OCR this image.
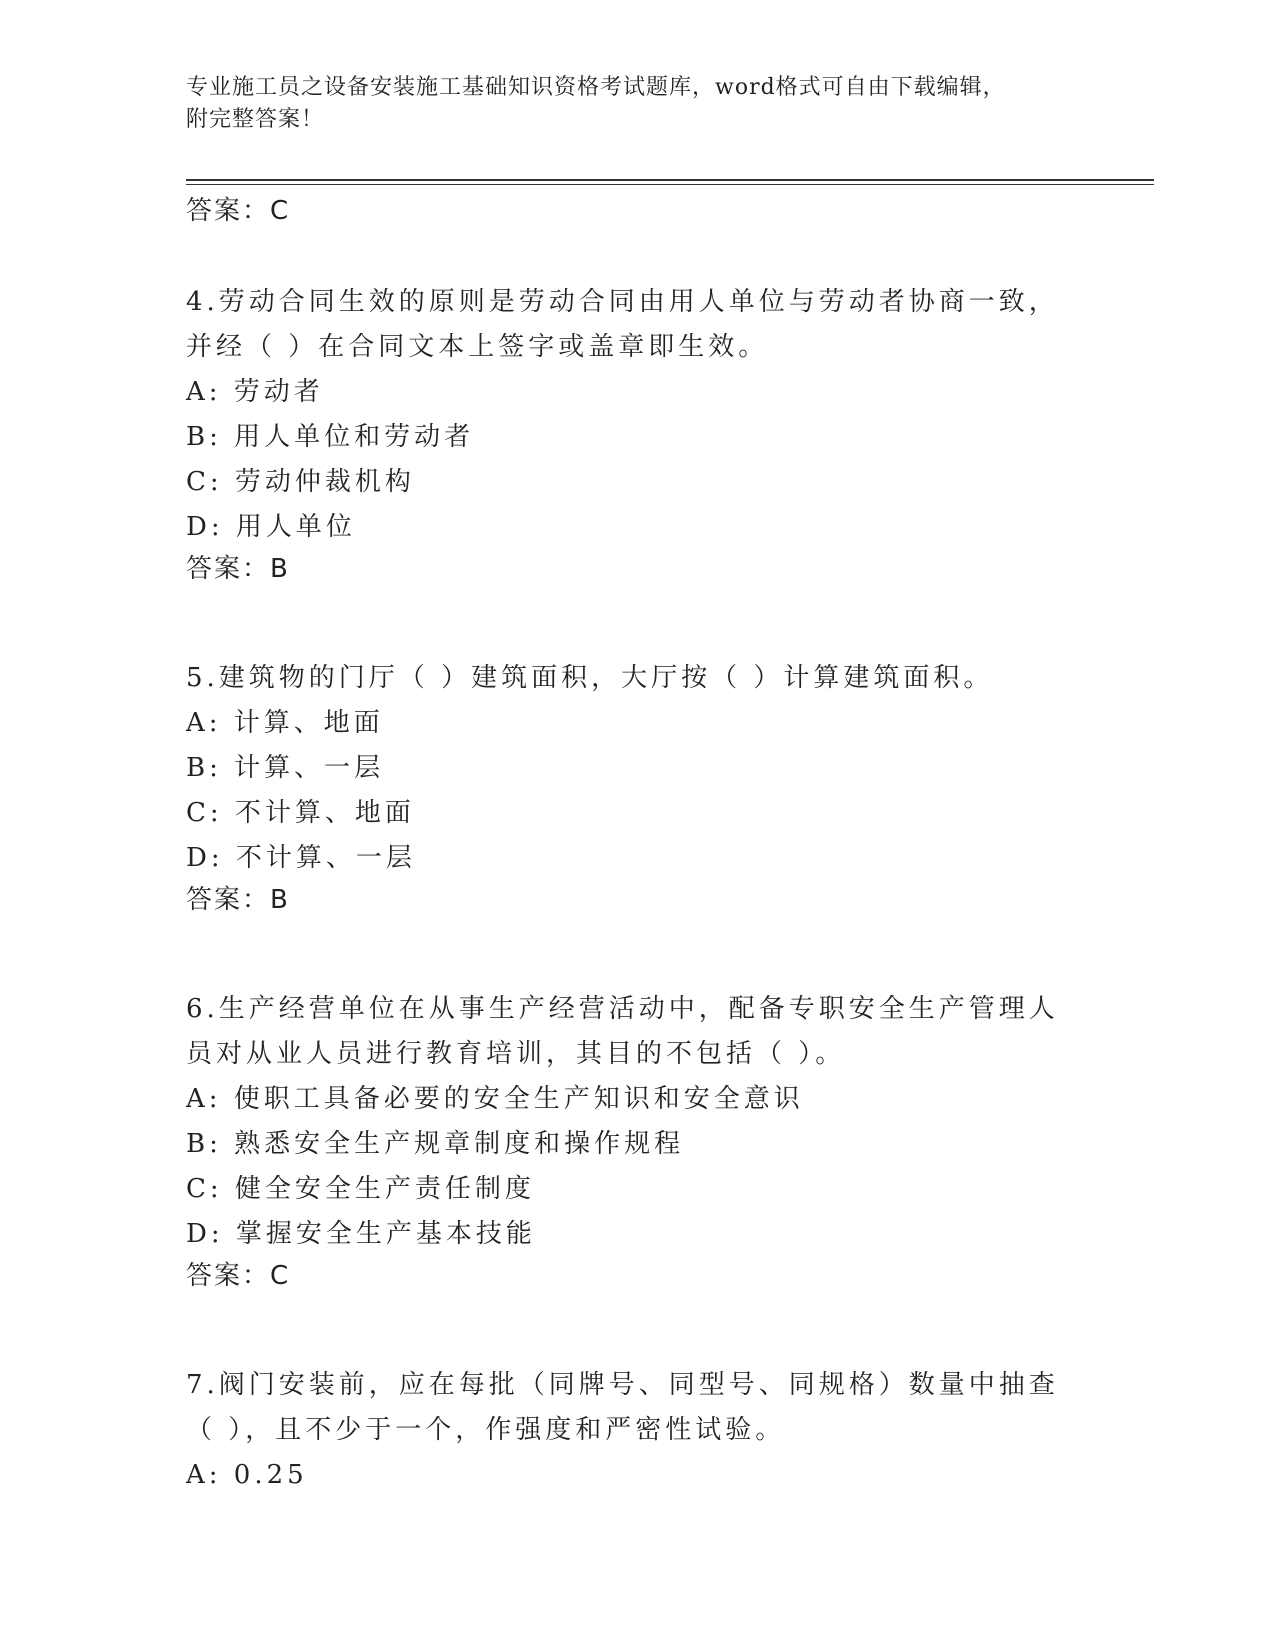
专业施工员之设备安装施工基础知识资格考试题库，word格式可自由下载编辑，
附完整答案！
答案：C

4.劳动合同生效的原则是劳动合同由用人单位与劳动者协商一致，并经（ ）在合同文本上签字或盖章即生效。

A: 劳动者
B: 用人单位和劳动者
C: 劳动仲裁机构
D: 用人单位
答案：B

5.建筑物的门厅（ ）建筑面积，大厅按（ ）计算建筑面积。

A: 计算、地面
B: 计算、一层
C: 不计算、地面
D: 不计算、一层
答案：B

6.生产经营单位在从事生产经营活动中，配备专职安全生产管理人员对从业人员进行教育培训，其目的不包括（ ）。

A: 使职工具备必要的安全生产知识和安全意识
B: 熟悉安全生产规章制度和操作规程
C: 健全安全生产责任制度
D: 掌握安全生产基本技能
答案：C

7.阀门安装前，应在每批（同牌号、同型号、同规格）数量中抽查（ ），且不少于一个，作强度和严密性试验。

A: 0.25
